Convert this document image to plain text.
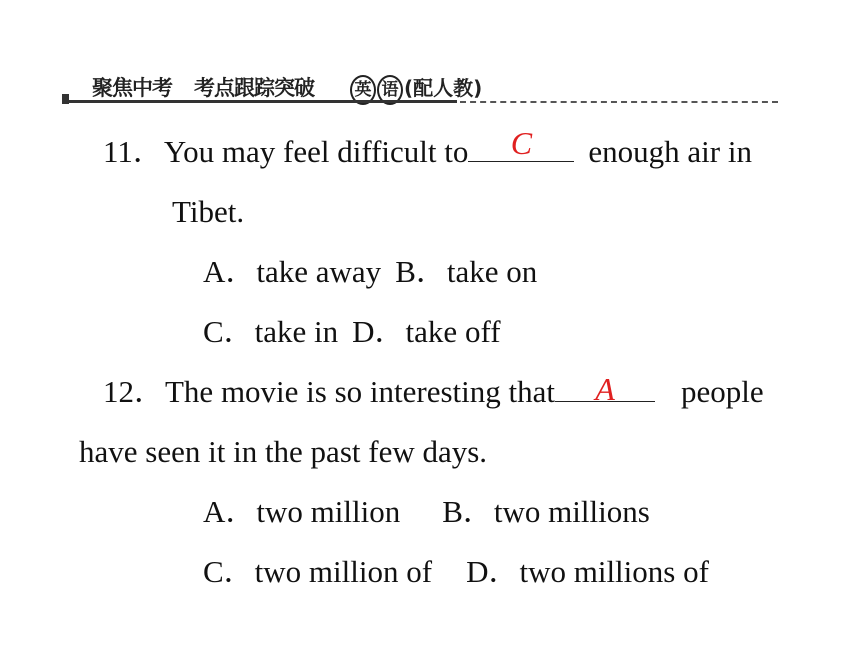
聚焦中考 考点跟踪突破 英 语 (配人教)
11．You may feel difficult to	C	enough air in
Tibet.
A．take away B．take on
C．take in D．take off
12．The movie is so interesting that	A	people
have seen it in the past few days.
A．two million B．two millions
C．two million of D．two millions of
